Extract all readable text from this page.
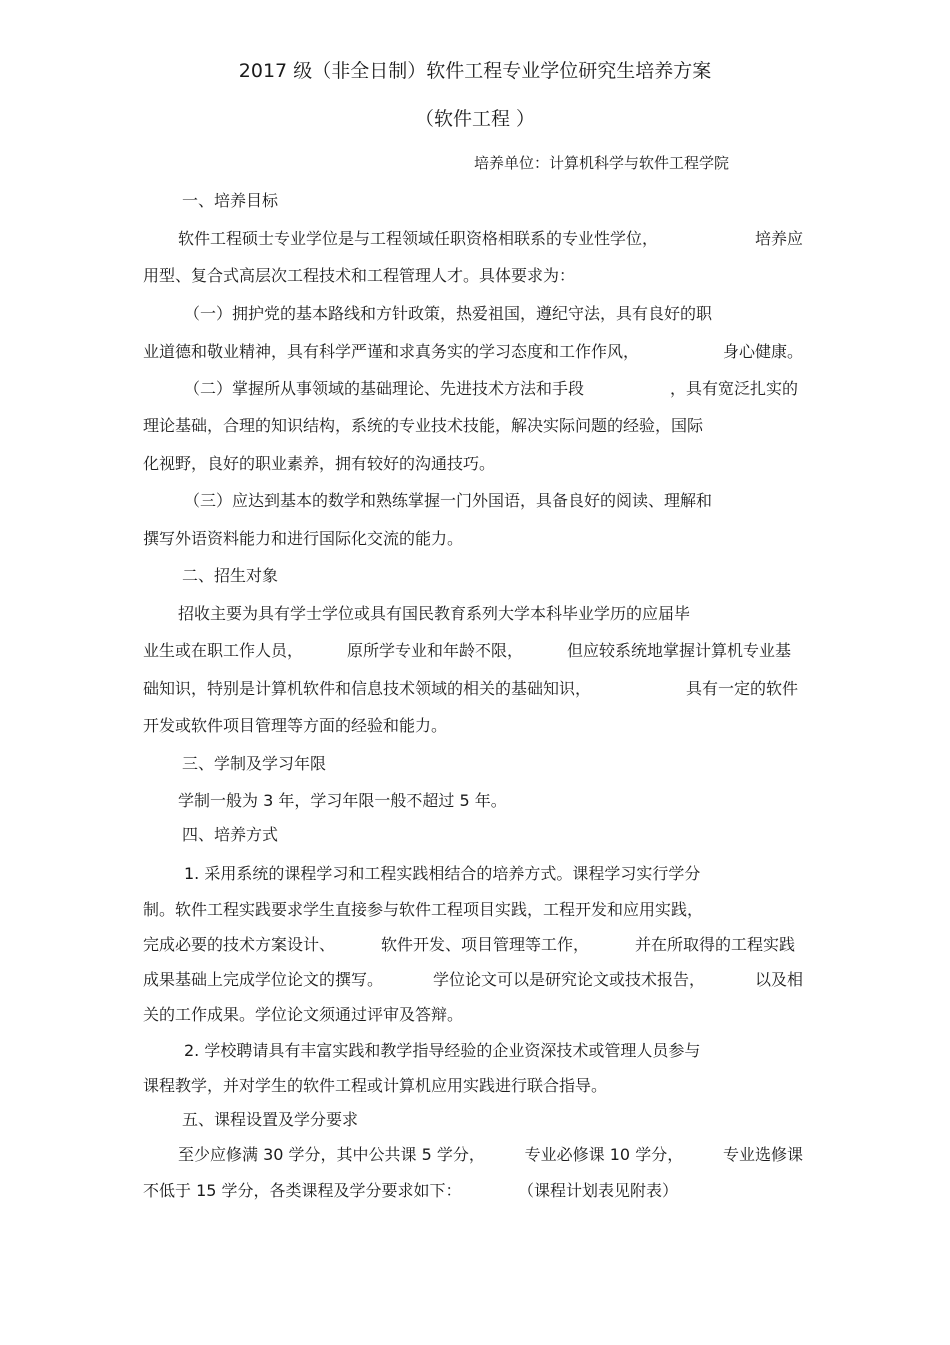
2017 级（非全日制）软件工程专业学位研究生培养方案
（软件工程 ）
培养单位：计算机科学与软件工程学院
一、培养目标
软件工程硕士专业学位是与工程领域任职资格相联系的专业性学位，	培养应
用型、复合式高层次工程技术和工程管理人才。具体要求为：
（一）拥护党的基本路线和方针政策，热爱祖国，遵纪守法，具有良好的职
业道德和敬业精神，具有科学严谨和求真务实的学习态度和工作作风，	身心健康。
（二）掌握所从事领域的基础理论、先进技术方法和手段	，具有宽泛扎实的
理论基础，合理的知识结构，系统的专业技术技能，解决实际问题的经验，国际
化视野，良好的职业素养，拥有较好的沟通技巧。
（三）应达到基本的数学和熟练掌握一门外国语，具备良好的阅读、理解和
撰写外语资料能力和进行国际化交流的能力。
二、招生对象
招收主要为具有学士学位或具有国民教育系列大学本科毕业学历的应届毕
业生或在职工作人员，	原所学专业和年龄不限，	但应较系统地掌握计算机专业基
础知识，特别是计算机软件和信息技术领域的相关的基础知识，	具有一定的软件
开发或软件项目管理等方面的经验和能力。
三、学制及学习年限
学制一般为 3 年，学习年限一般不超过 5 年。
四、培养方式
1. 采用系统的课程学习和工程实践相结合的培养方式。课程学习实行学分
制。软件工程实践要求学生直接参与软件工程项目实践，工程开发和应用实践，
完成必要的技术方案设计、	软件开发、项目管理等工作，	并在所取得的工程实践
成果基础上完成学位论文的撰写。	学位论文可以是研究论文或技术报告，	以及相
关的工作成果。学位论文须通过评审及答辩。
2. 学校聘请具有丰富实践和教学指导经验的企业资深技术或管理人员参与
课程教学，并对学生的软件工程或计算机应用实践进行联合指导。
五、课程设置及学分要求
至少应修满 30 学分，其中公共课 5 学分， 专业必修课 10 学分， 专业选修课
不低于 15 学分，各类课程及学分要求如下：	（课程计划表见附表）
